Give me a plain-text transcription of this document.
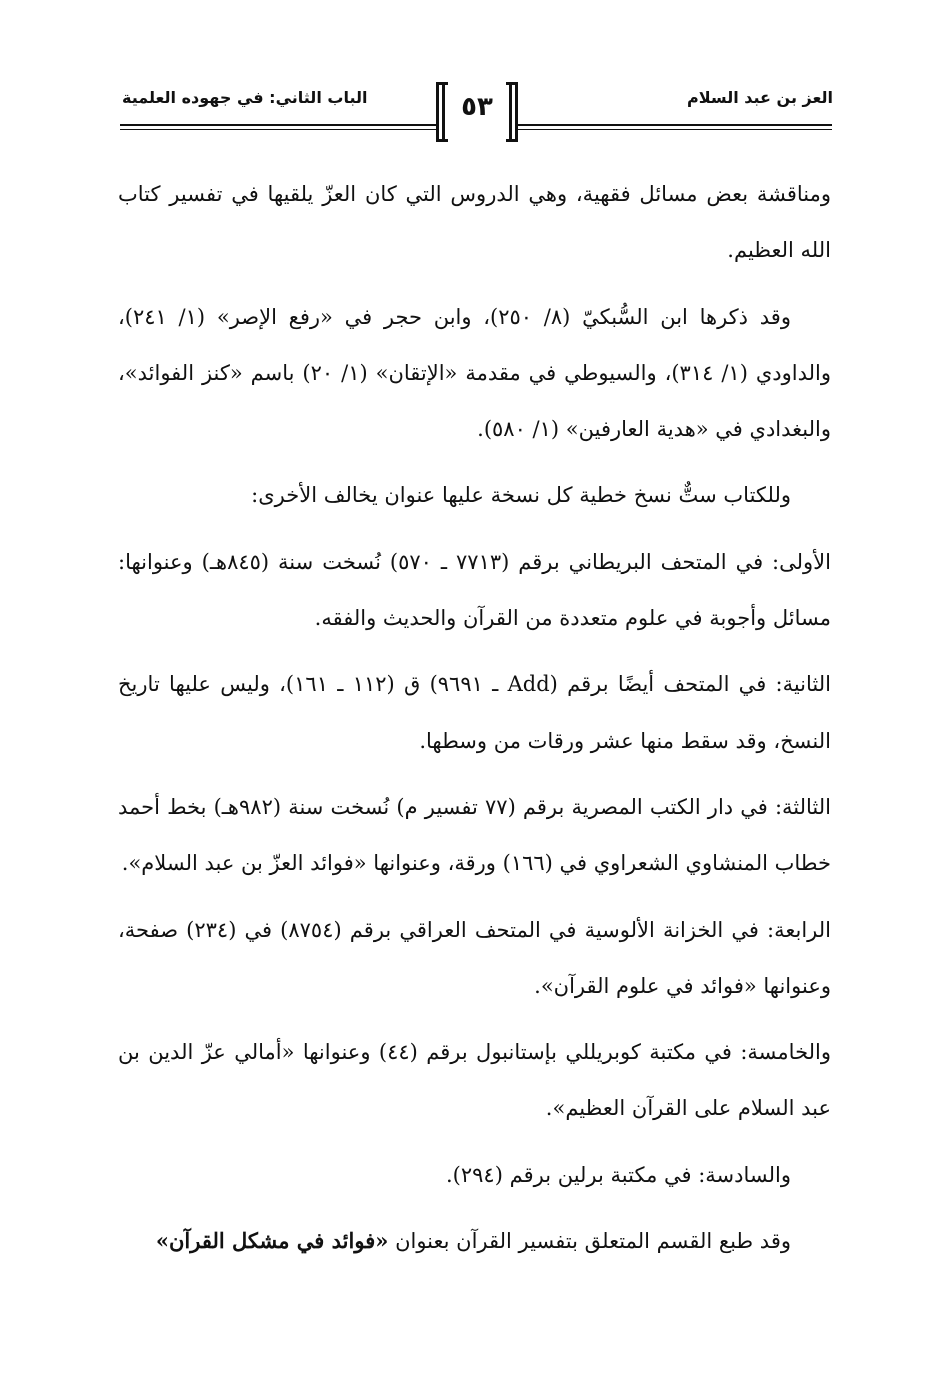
العز بن عبد السلام
الباب الثاني: في جهوده العلمية	٥٣

ومناقشة بعض مسائل فقهية، وهي الدروس التي كان العزّ يلقيها في تفسير كتاب الله العظيم.

وقد ذكرها ابن السُّبكيّ (٨/ ٢٥٠)، وابن حجر في «رفع الإصر» (١/ ٢٤١)، والداودي (١/ ٣١٤)، والسيوطي في مقدمة «الإتقان» (١/ ٢٠) باسم «كنز الفوائد»، والبغدادي في «هدية العارفين» (١/ ٥٨٠).

وللكتاب ستٌّ نسخ خطية كل نسخة عليها عنوان يخالف الأخرى:

الأولى: في المتحف البريطاني برقم (٧٧١٣ ـ ٥٧٠) نُسخت سنة (٨٤٥هـ) وعنوانها: مسائل وأجوبة في علوم متعددة من القرآن والحديث والفقه.

الثانية: في المتحف أيضًا برقم (Add ـ ٩٦٩١) ق (١١٢ ـ ١٦١)، وليس عليها تاريخ النسخ، وقد سقط منها عشر ورقات من وسطها.

الثالثة: في دار الكتب المصرية برقم (٧٧ تفسير م) نُسخت سنة (٩٨٢هـ) بخط أحمد خطاب المنشاوي الشعراوي في (١٦٦) ورقة، وعنوانها «فوائد العزّ بن عبد السلام».

الرابعة: في الخزانة الألوسية في المتحف العراقي برقم (٨٧٥٤) في (٢٣٤) صفحة، وعنوانها «فوائد في علوم القرآن».

والخامسة: في مكتبة كوبريللي بإستانبول برقم (٤٤) وعنوانها «أمالي عزّ الدين بن عبد السلام على القرآن العظيم».

والسادسة: في مكتبة برلين برقم (٢٩٤).

وقد طبع القسم المتعلق بتفسير القرآن بعنوان «فوائد في مشكل القرآن»
